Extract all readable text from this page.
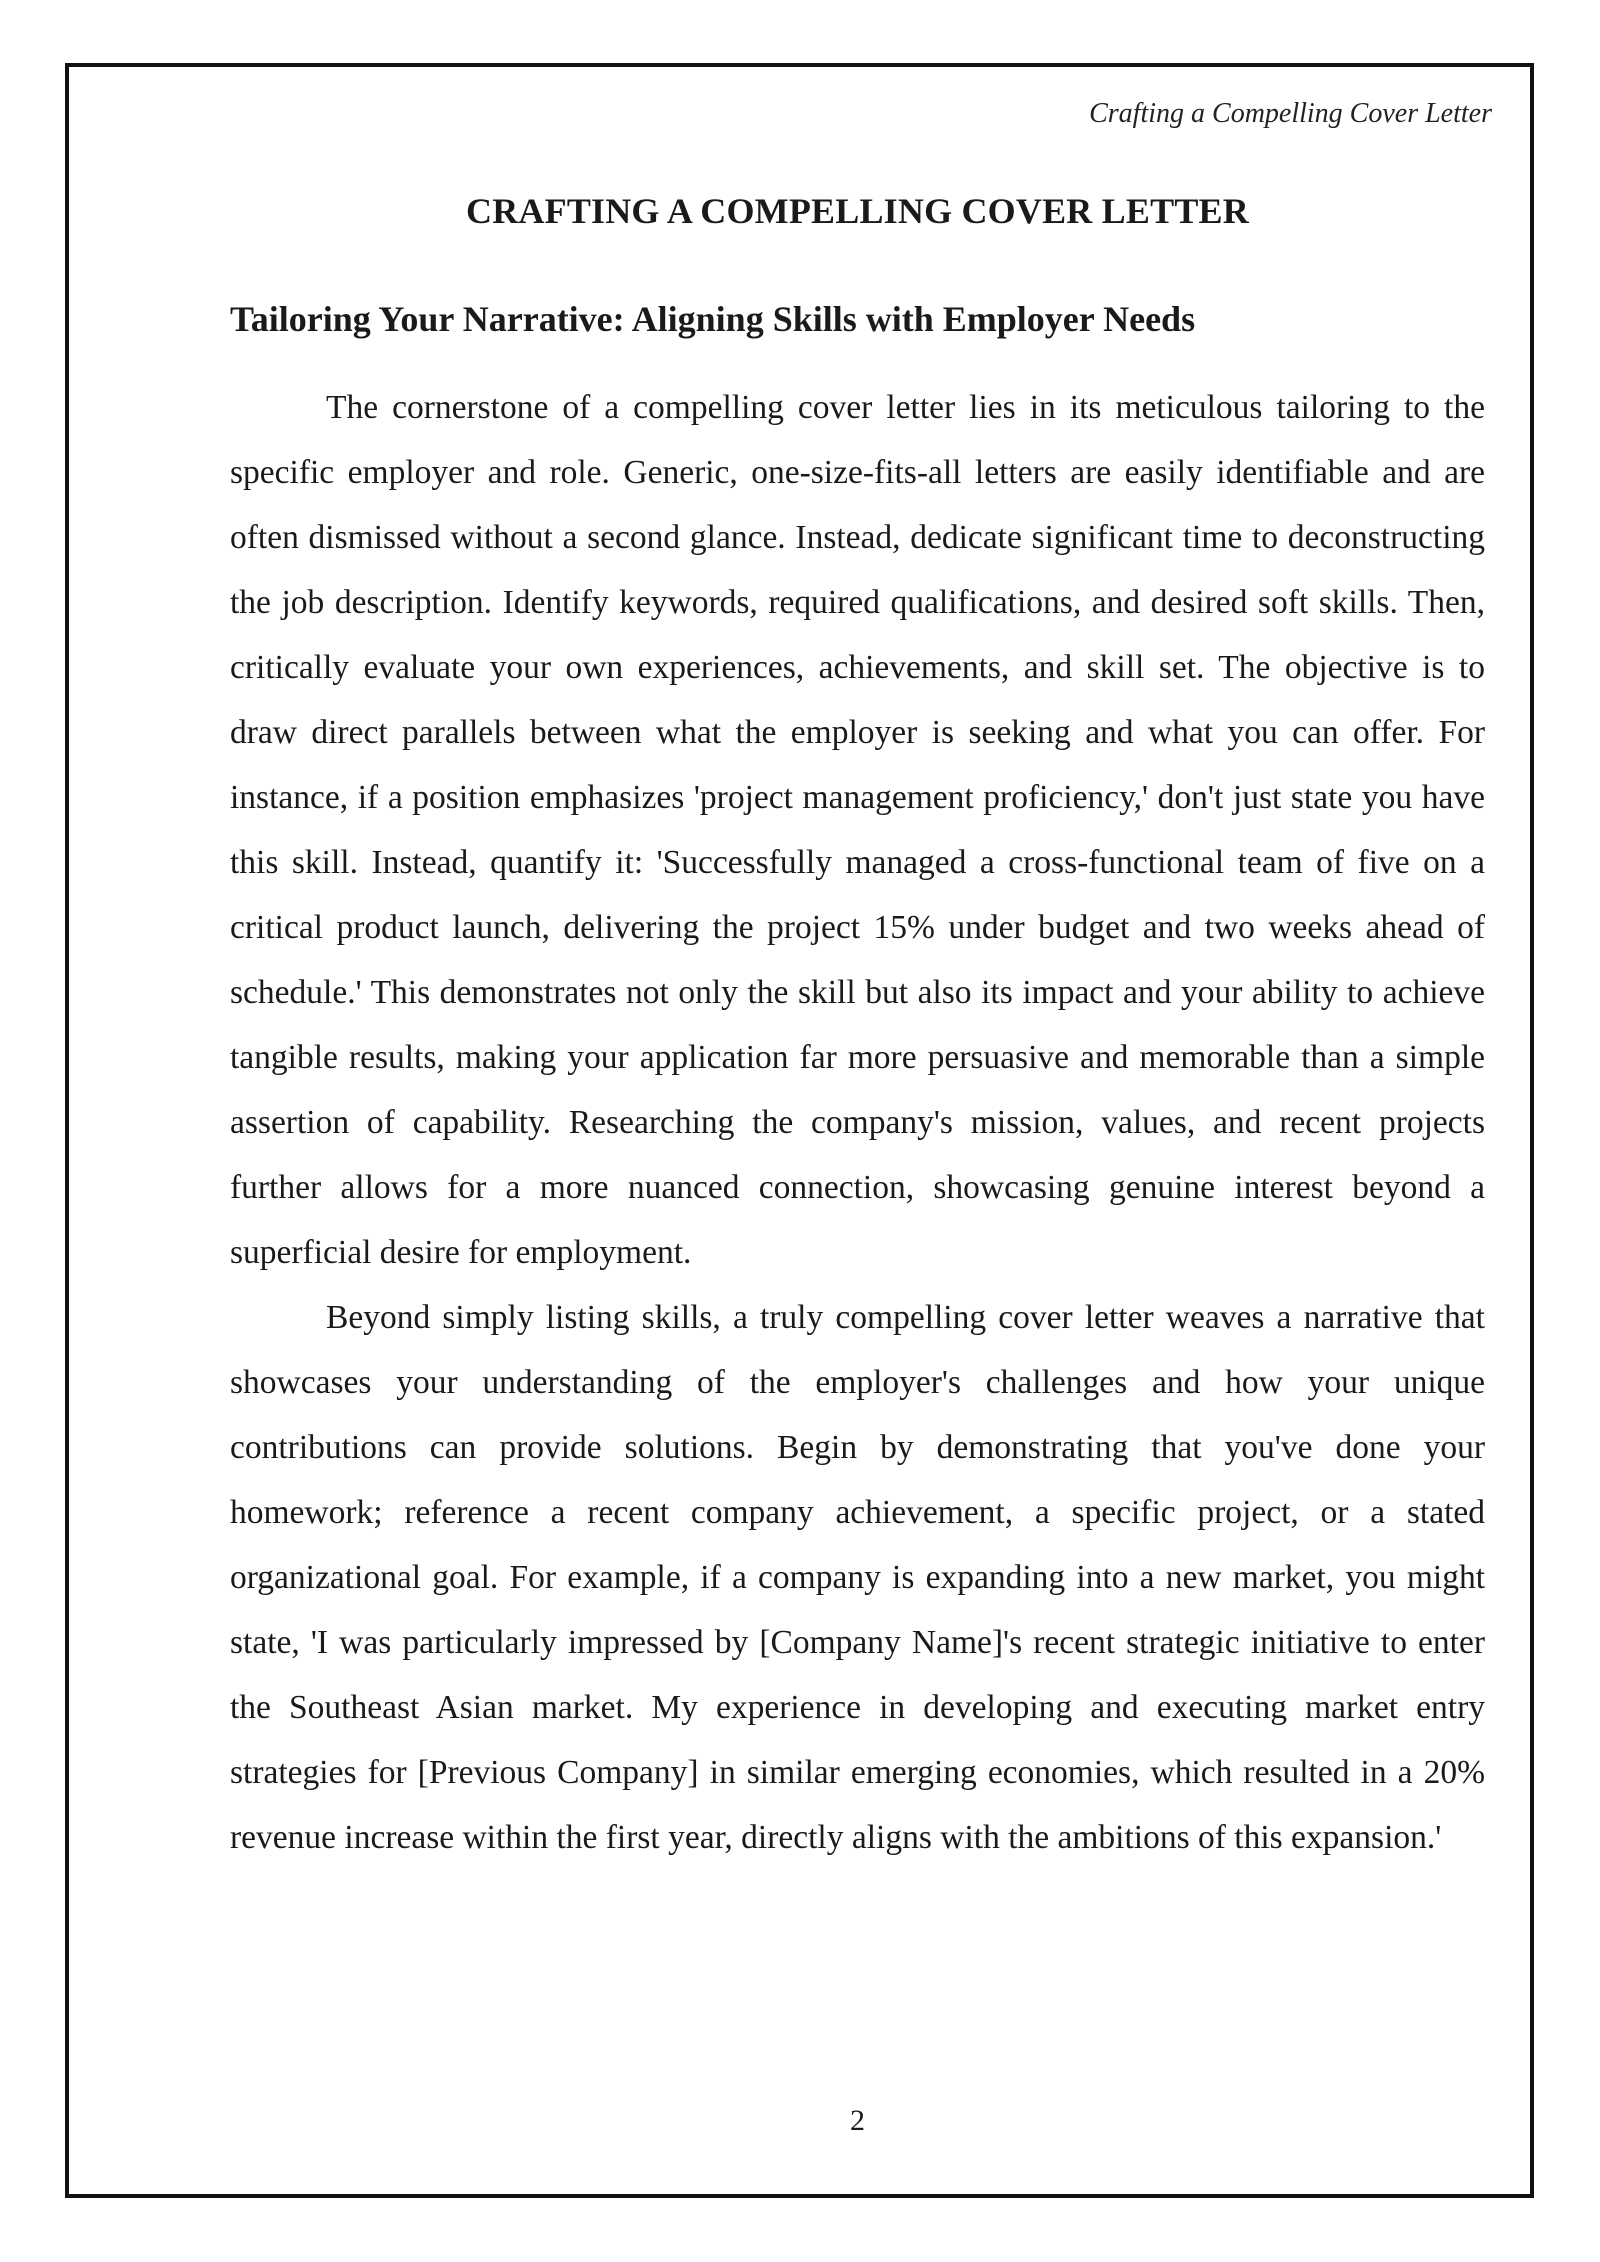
Crafting a Compelling Cover Letter
CRAFTING A COMPELLING COVER LETTER
Tailoring Your Narrative: Aligning Skills with Employer Needs

The cornerstone of a compelling cover letter lies in its meticulous tailoring to the specific employer and role. Generic, one-size-fits-all letters are easily identifiable and are often dismissed without a second glance. Instead, dedicate significant time to deconstructing the job description. Identify keywords, required qualifications, and desired soft skills. Then, critically evaluate your own experiences, achievements, and skill set. The objective is to draw direct parallels between what the employer is seeking and what you can offer. For instance, if a position emphasizes 'project management proficiency,' don't just state you have this skill. Instead, quantify it: 'Successfully managed a cross-functional team of five on a critical product launch, delivering the project 15% under budget and two weeks ahead of schedule.' This demonstrates not only the skill but also its impact and your ability to achieve tangible results, making your application far more persuasive and memorable than a simple assertion of capability. Researching the company's mission, values, and recent projects further allows for a more nuanced connection, showcasing genuine interest beyond a superficial desire for employment.

Beyond simply listing skills, a truly compelling cover letter weaves a narrative that showcases your understanding of the employer's challenges and how your unique contributions can provide solutions. Begin by demonstrating that you've done your homework; reference a recent company achievement, a specific project, or a stated organizational goal. For example, if a company is expanding into a new market, you might state, 'I was particularly impressed by [Company Name]'s recent strategic initiative to enter the Southeast Asian market. My experience in developing and executing market entry strategies for [Previous Company] in similar emerging economies, which resulted in a 20% revenue increase within the first year, directly aligns with the ambitions of this expansion.'

2
